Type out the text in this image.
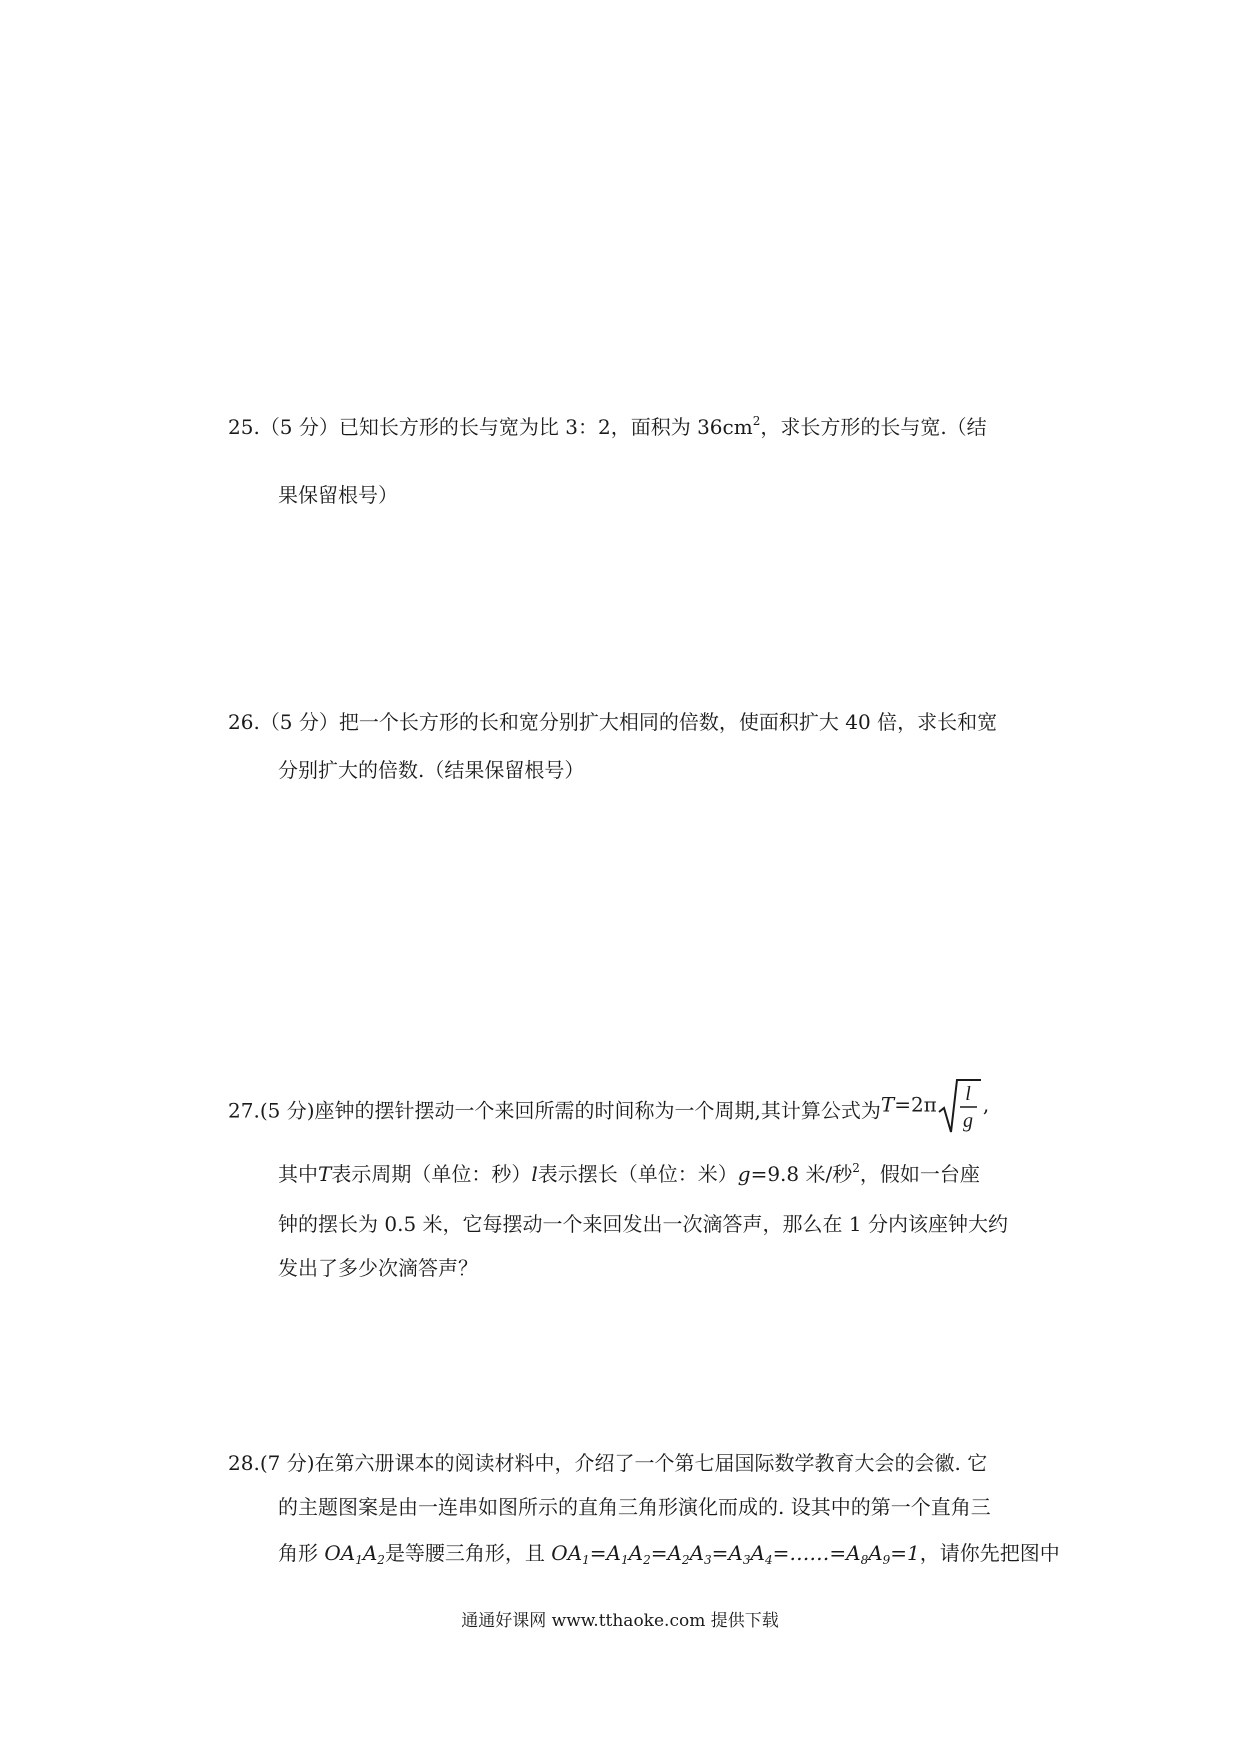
25.（5 分）已知长方形的长与宽为比 3：2，面积为 $36cm^2$，求长方形的长与宽.（结
果保留根号）
26.（5 分）把一个长方形的长和宽分别扩大相同的倍数，使面积扩大 40 倍，求长和宽
分别扩大的倍数.（结果保留根号）
27.(5 分)座钟的摆针摆动一个来回所需的时间称为一个周期,其计算公式为T=2π l
g
,
其中T表示周期（单位：秒）l表示摆长（单位：米）g=9.8 米/秒$^2$，假如一台座
钟的摆长为 0.5 米，它每摆动一个来回发出一次滴答声，那么在 1 分内该座钟大约
发出了多少次滴答声？
28.(7 分)在第六册课本的阅读材料中，介绍了一个第七届国际数学教育大会的会徽. 它
的主题图案是由一连串如图所示的直角三角形演化而成的. 设其中的第一个直角三
角形 $OA_1A_2$是等腰三角形，且 $OA_1=A_1A_2=A_2A_3=A_3A_4=\dots\dots=A_8A_9=1$，请你先把图中
通通好课网 www.tthaoke.com 提供下载
